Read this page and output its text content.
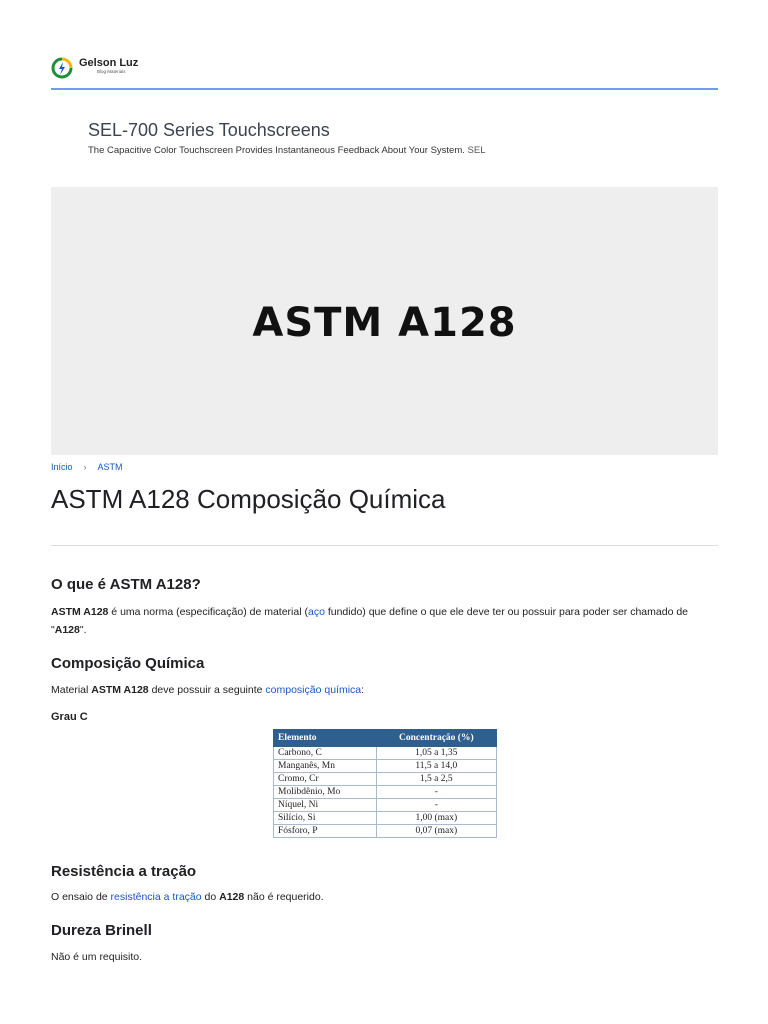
Gelson Luz
Blog Materiais
SEL-700 Series Touchscreens
The Capacitive Color Touchscreen Provides Instantaneous Feedback About Your System. SEL
ASTM A128
Início › ASTM
ASTM A128 Composição Química
O que é ASTM A128?

ASTM A128 é uma norma (especificação) de material (aço fundido) que define o que ele deve ter ou possuir para poder ser chamado de "A128".

Composição Química

Material ASTM A128 deve possuir a seguinte composição química:

Grau C
Elemento	Concentração (%)
Carbono, C	1,05 a 1,35
Manganês, Mn	11,5 a 14,0
Cromo, Cr	1,5 a 2,5
Molibdênio, Mo	-
Níquel, Ni	-
Silício, Si	1,00 (max)
Fósforo, P	0,07 (max)
Resistência a tração

O ensaio de resistência a tração do A128 não é requerido.

Dureza Brinell

Não é um requisito.
